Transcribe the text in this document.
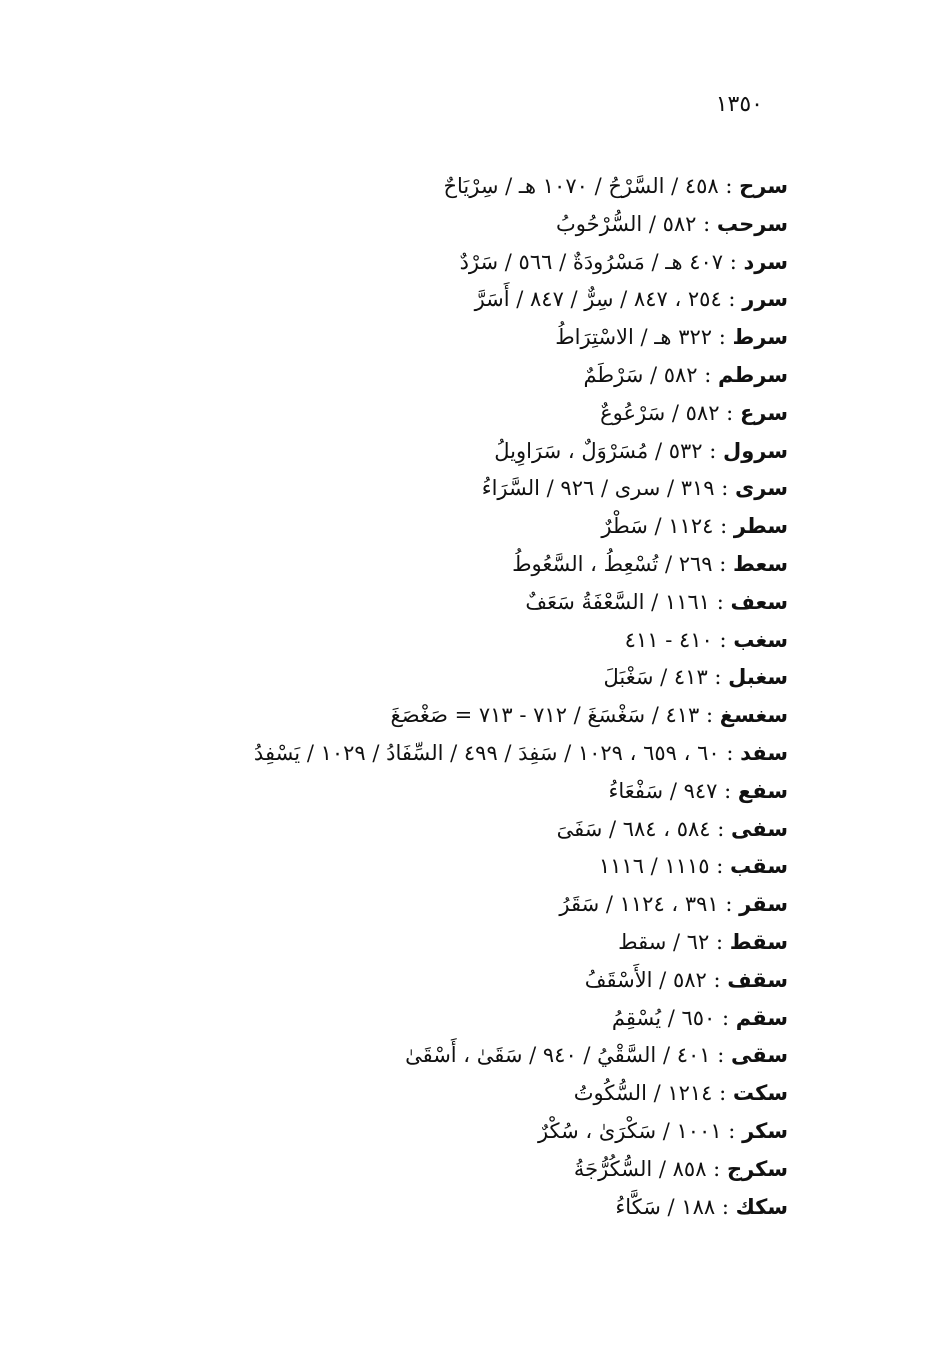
١٣٥٠
سرح : ٤٥٨ / السَّرْحُ / ١٠٧٠ هـ / سِرْيَاحٌ
سرحب : ٥٨٢ / السُّرْحُوبُ
سرد : ٤٠٧ هـ / مَسْرُودَةٌ / ٥٦٦ / سَرْدٌ
سرر : ٢٥٤ ، ٨٤٧ / سِرٌّ / ٨٤٧ / أَسَرَّ
سرط : ٣٢٢ هـ / الاسْتِرَاطُ
سرطم : ٥٨٢ / سَرْطَمٌ
سرع : ٥٨٢ / سَرْعُوعٌ
سرول : ٥٣٢ / مُسَرْوَلٌ ، سَرَاوِيلُ
سرى : ٣١٩ / سرى / ٩٢٦ / السَّرَاءُ
سطر : ١١٢٤ / سَطْرٌ
سعط : ٢٦٩ / تُسْعِطُ ، السَّعُوطُ
سعف : ١١٦١ / السَّعْفَةُ سَعَفٌ
سغب : ٤١٠ - ٤١١
سغبل : ٤١٣ / سَغْبَلَ
سغسغ : ٤١٣ / سَغْسَغَ / ٧١٢ - ٧١٣ = صَغْصَغَ
سفد : ٦٠ ، ٦٥٩ ، ١٠٢٩ / سَفِدَ / ٤٩٩ / السِّفَادُ / ١٠٢٩ / يَسْفِدُ
سفع : ٩٤٧ / سَفْعَاءُ
سفى : ٥٨٤ ، ٦٨٤ / سَفَىَ
سقب : ١١١٥ / ١١١٦
سقر : ٣٩١ ، ١١٢٤ / سَقَرُ
سقط : ٦٢ / سقط
سقف : ٥٨٢ / الأَسْقَفُ
سقم : ٦٥٠ / يُسْقِمُ
سقى : ٤٠١ / السَّقْيُ / ٩٤٠ / سَقَىٰ ، أَسْقَىٰ
سكت : ١٢١٤ / السُّكُوتُ
سكر : ١٠٠١ / سَكْرَىٰ ، سُكْرٌ
سكرج : ٨٥٨ / السُّكُرُّجَةُ
سكك : ١٨٨ / سَكَّاءُ
